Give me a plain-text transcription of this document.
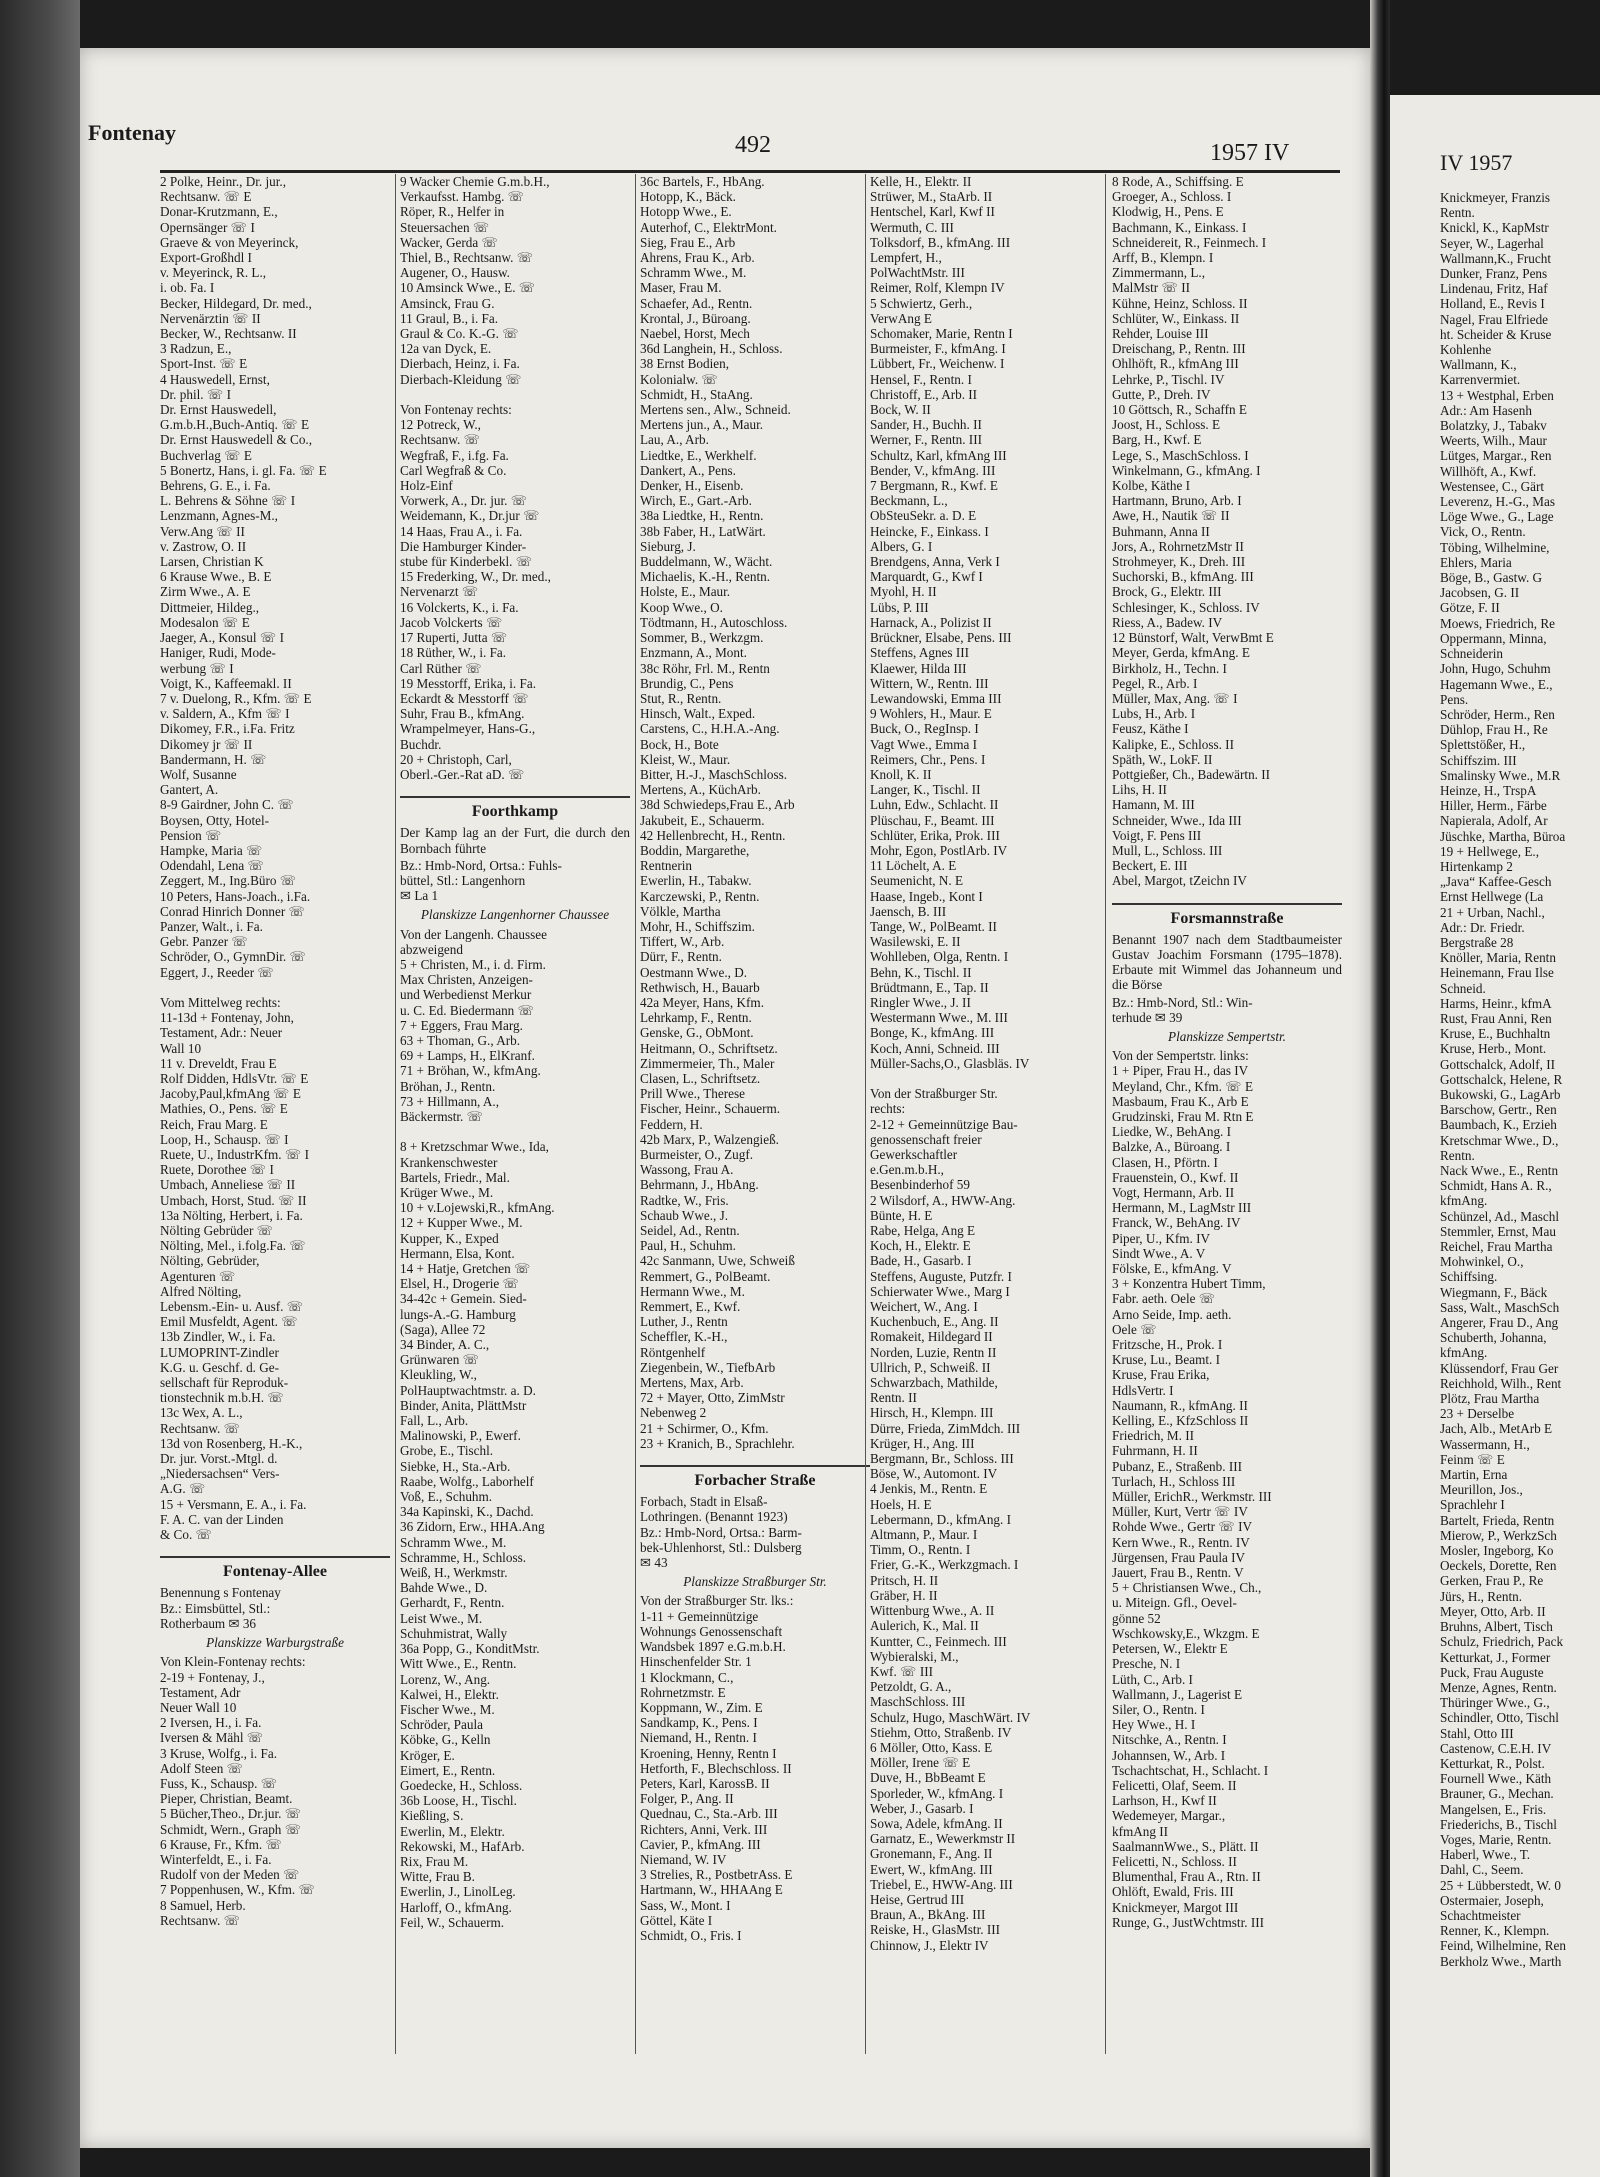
Fontenay	492	1957 IV
2 Polke, Heinr., Dr. jur.,
Rechtsanw. ☏ E
Donar-Krutzmann, E.,
Opernsänger ☏ I
Graeve & von Meyerinck,
Export-Großhdl I
v. Meyerinck, R. L.,
i. ob. Fa. I
Becker, Hildegard, Dr. med.,
Nervenärztin ☏ II
Becker, W., Rechtsanw. II
3 Radzun, E.,
Sport-Inst. ☏ E
4 Hauswedell, Ernst,
Dr. phil. ☏ I
Dr. Ernst Hauswedell,
G.m.b.H.,Buch-Antiq. ☏ E
Dr. Ernst Hauswedell & Co.,
Buchverlag ☏ E
5 Bonertz, Hans, i. gl. Fa. ☏ E
Behrens, G. E., i. Fa.
L. Behrens & Söhne ☏ I
Lenzmann, Agnes-M.,
Verw.Ang ☏ II
v. Zastrow, O. II
Larsen, Christian K
6 Krause Wwe., B. E
Zirm Wwe., A. E
Dittmeier, Hildeg.,
Modesalon ☏ E
Jaeger, A., Konsul ☏ I
Haniger, Rudi, Mode-
werbung ☏ I
Voigt, K., Kaffeemakl. II
7 v. Duelong, R., Kfm. ☏ E
v. Saldern, A., Kfm ☏ I
Dikomey, F.R., i.Fa. Fritz
Dikomey jr ☏ II
Bandermann, H. ☏
Wolf, Susanne
Gantert, A.
8-9 Gairdner, John C. ☏
Boysen, Otty, Hotel-
Pension ☏
Hampke, Maria ☏
Odendahl, Lena ☏
Zeggert, M., Ing.Büro ☏
10 Peters, Hans-Joach., i.Fa.
Conrad Hinrich Donner ☏
Panzer, Walt., i. Fa.
Gebr. Panzer ☏
Schröder, O., GymnDir. ☏
Eggert, J., Reeder ☏

Vom Mittelweg rechts:
11-13d + Fontenay, John,
Testament, Adr.: Neuer
Wall 10
11 v. Dreveldt, Frau E
Rolf Didden, HdlsVtr. ☏ E
Jacoby,Paul,kfmAng ☏ E
Mathies, O., Pens. ☏ E
Reich, Frau Marg. E
Loop, H., Schausp. ☏ I
Ruete, U., IndustrKfm. ☏ I
Ruete, Dorothee ☏ I
Umbach, Anneliese ☏ II
Umbach, Horst, Stud. ☏ II
13a Nölting, Herbert, i. Fa.
Nölting Gebrüder ☏
Nölting, Mel., i.folg.Fa. ☏
Nölting, Gebrüder,
Agenturen ☏
Alfred Nölting,
Lebensm.-Ein- u. Ausf. ☏
Emil Musfeldt, Agent. ☏
13b Zindler, W., i. Fa.
LUMOPRINT-Zindler
K.G. u. Geschf. d. Ge-
sellschaft für Reproduk-
tionstechnik m.b.H. ☏
13c Wex, A. L.,
Rechtsanw. ☏
13d von Rosenberg, H.-K.,
Dr. jur. Vorst.-Mtgl. d.
„Niedersachsen“ Vers-
A.G. ☏
15 + Versmann, E. A., i. Fa.
F. A. C. van der Linden
& Co. ☏
Fontenay-Allee
Benennung s Fontenay
Bz.: Eimsbüttel, Stl.:
Rotherbaum ✉ 36
Planskizze Warburgstraße
Von Klein-Fontenay rechts:
2-19 + Fontenay, J.,
Testament, Adr
Neuer Wall 10
2 Iversen, H., i. Fa.
Iversen & Mähl ☏
3 Kruse, Wolfg., i. Fa.
Adolf Steen ☏
Fuss, K., Schausp. ☏
Pieper, Christian, Beamt.
5 Bücher,Theo., Dr.jur. ☏
Schmidt, Wern., Graph ☏
6 Krause, Fr., Kfm. ☏
Winterfeldt, E., i. Fa.
Rudolf von der Meden ☏
7 Poppenhusen, W., Kfm. ☏
8 Samuel, Herb.
Rechtsanw. ☏
9 Wacker Chemie G.m.b.H.,
Verkaufsst. Hambg. ☏
Röper, R., Helfer in
Steuersachen ☏
Wacker, Gerda ☏
Thiel, B., Rechtsanw. ☏
Augener, O., Hausw.
10 Amsinck Wwe., E. ☏
Amsinck, Frau G.
11 Graul, B., i. Fa.
Graul & Co. K.-G. ☏
12a van Dyck, E.
Dierbach, Heinz, i. Fa.
Dierbach-Kleidung ☏

Von Fontenay rechts:
12 Potreck, W.,
Rechtsanw. ☏
Wegfraß, F., i.fg. Fa.
Carl Wegfraß & Co.
Holz-Einf
Vorwerk, A., Dr. jur. ☏
Weidemann, K., Dr.jur ☏
14 Haas, Frau A., i. Fa.
Die Hamburger Kinder-
stube für Kinderbekl. ☏
15 Frederking, W., Dr. med.,
Nervenarzt ☏
16 Volckerts, K., i. Fa.
Jacob Volckerts ☏
17 Ruperti, Jutta ☏
18 Rüther, W., i. Fa.
Carl Rüther ☏
19 Messtorff, Erika, i. Fa.
Eckardt & Messtorff ☏
Suhr, Frau B., kfmAng.
Wrampelmeyer, Hans-G.,
Buchdr.
20 + Christoph, Carl,
Oberl.-Ger.-Rat aD. ☏
Foorthkamp
Der Kamp lag an der Furt, die durch den Bornbach führte
Bz.: Hmb-Nord, Ortsa.: Fuhls-
büttel, Stl.: Langenhorn
✉ La 1
Planskizze Langenhorner Chaussee
Von der Langenh. Chaussee
abzweigend
5 + Christen, M., i. d. Firm.
Max Christen, Anzeigen-
und Werbedienst Merkur
u. C. Ed. Biedermann ☏
7 + Eggers, Frau Marg.
63 + Thoman, G., Arb.
69 + Lamps, H., ElKranf.
71 + Bröhan, W., kfmAng.
Bröhan, J., Rentn.
73 + Hillmann, A.,
Bäckermstr. ☏

8 + Kretzschmar Wwe., Ida,
Krankenschwester
Bartels, Friedr., Mal.
Krüger Wwe., M.
10 + v.Lojewski,R., kfmAng.
12 + Kupper Wwe., M.
Kupper, K., Exped
Hermann, Elsa, Kont.
14 + Hatje, Gretchen ☏
Elsel, H., Drogerie ☏
34-42c + Gemein. Sied-
lungs-A.-G. Hamburg
(Saga), Allee 72
34 Binder, A. C.,
Grünwaren ☏
Kleukling, W.,
PolHauptwachtmstr. a. D.
Binder, Anita, PlättMstr
Fall, L., Arb.
Malinowski, P., Ewerf.
Grobe, E., Tischl.
Siebke, H., Sta.-Arb.
Raabe, Wolfg., Laborhelf
Voß, E., Schuhm.
34a Kapinski, K., Dachd.
36 Zidorn, Erw., HHA.Ang
Schramm Wwe., M.
Schramme, H., Schloss.
Weiß, H., Werkmstr.
Bahde Wwe., D.
Gerhardt, F., Rentn.
Leist Wwe., M.
Schuhmistrat, Wally
36a Popp, G., KonditMstr.
Witt Wwe., E., Rentn.
Lorenz, W., Ang.
Kalwei, H., Elektr.
Fischer Wwe., M.
Schröder, Paula
Köbke, G., Kelln
Kröger, E.
Eimert, E., Rentn.
Goedecke, H., Schloss.
36b Loose, H., Tischl.
Kießling, S.
Ewerlin, M., Elektr.
Rekowski, M., HafArb.
Rix, Frau M.
Witte, Frau B.
Ewerlin, J., LinolLeg.
Harloff, O., kfmAng.
Feil, W., Schauerm.
36c Bartels, F., HbAng.
Hotopp, K., Bäck.
Hotopp Wwe., E.
Auterhof, C., ElektrMont.
Sieg, Frau E., Arb
Ahrens, Frau K., Arb.
Schramm Wwe., M.
Maser, Frau M.
Schaefer, Ad., Rentn.
Krontal, J., Büroang.
Naebel, Horst, Mech
36d Langhein, H., Schloss.
38 Ernst Bodien,
Kolonialw. ☏
Schmidt, H., StaAng.
Mertens sen., Alw., Schneid.
Mertens jun., A., Maur.
Lau, A., Arb.
Liedtke, E., Werkhelf.
Dankert, A., Pens.
Denker, H., Eisenb.
Wirch, E., Gart.-Arb.
38a Liedtke, H., Rentn.
38b Faber, H., LatWärt.
Sieburg, J.
Buddelmann, W., Wächt.
Michaelis, K.-H., Rentn.
Holste, E., Maur.
Koop Wwe., O.
Tödtmann, H., Autoschloss.
Sommer, B., Werkzgm.
Enzmann, A., Mont.
38c Röhr, Frl. M., Rentn
Brundig, C., Pens
Stut, R., Rentn.
Hinsch, Walt., Exped.
Carstens, C., H.H.A.-Ang.
Bock, H., Bote
Kleist, W., Maur.
Bitter, H.-J., MaschSchloss.
Mertens, A., KüchArb.
38d Schwiedeps,Frau E., Arb
Jakubeit, E., Schauerm.
42 Hellenbrecht, H., Rentn.
Boddin, Margarethe,
Rentnerin
Ewerlin, H., Tabakw.
Karczewski, P., Rentn.
Völkle, Martha
Mohr, H., Schiffszim.
Tiffert, W., Arb.
Dürr, F., Rentn.
Oestmann Wwe., D.
Rethwisch, H., Bauarb
42a Meyer, Hans, Kfm.
Lehrkamp, F., Rentn.
Genske, G., ObMont.
Heitmann, O., Schriftsetz.
Zimmermeier, Th., Maler
Clasen, L., Schriftsetz.
Prill Wwe., Therese
Fischer, Heinr., Schauerm.
Feddern, H.
42b Marx, P., Walzengieß.
Burmeister, O., Zugf.
Wassong, Frau A.
Behrmann, J., HbAng.
Radtke, W., Fris.
Schaub Wwe., J.
Seidel, Ad., Rentn.
Paul, H., Schuhm.
42c Sanmann, Uwe, Schweiß
Remmert, G., PolBeamt.
Hermann Wwe., M.
Remmert, E., Kwf.
Luther, J., Rentn
Scheffler, K.-H.,
Röntgenhelf
Ziegenbein, W., TiefbArb
Mertens, Max, Arb.
72 + Mayer, Otto, ZimMstr
Nebenweg 2
21 + Schirmer, O., Kfm.
23 + Kranich, B., Sprachlehr.
Forbacher Straße
Forbach, Stadt in Elsaß-
Lothringen. (Benannt 1923)
Bz.: Hmb-Nord, Ortsa.: Barm-
bek-Uhlenhorst, Stl.: Dulsberg
✉ 43
Planskizze Straßburger Str.
Von der Straßburger Str. lks.:
1-11 + Gemeinnützige
Wohnungs Genossenschaft
Wandsbek 1897 e.G.m.b.H.
Hinschenfelder Str. 1
1 Klockmann, C.,
Rohrnetzmstr. E
Koppmann, W., Zim. E
Sandkamp, K., Pens. I
Niemand, H., Rentn. I
Kroening, Henny, Rentn I
Hetforth, F., Blechschloss. II
Peters, Karl, KarossB. II
Folger, P., Ang. II
Quednau, C., Sta.-Arb. III
Richters, Anni, Verk. III
Cavier, P., kfmAng. III
Niemand, W. IV
3 Strelies, R., PostbetrAss. E
Hartmann, W., HHAAng E
Sass, W., Mont. I
Göttel, Käte I
Schmidt, O., Fris. I
Kelle, H., Elektr. II
Strüwer, M., StaArb. II
Hentschel, Karl, Kwf II
Wermuth, C. III
Tolksdorf, B., kfmAng. III
Lempfert, H.,
PolWachtMstr. III
Reimer, Rolf, Klempn IV
5 Schwiertz, Gerh.,
VerwAng E
Schomaker, Marie, Rentn I
Burmeister, F., kfmAng. I
Lübbert, Fr., Weichenw. I
Hensel, F., Rentn. I
Christoff, E., Arb. II
Bock, W. II
Sander, H., Buchh. II
Werner, F., Rentn. III
Schultz, Karl, kfmAng III
Bender, V., kfmAng. III
7 Bergmann, R., Kwf. E
Beckmann, L.,
ObSteuSekr. a. D. E
Heincke, F., Einkass. I
Albers, G. I
Brendgens, Anna, Verk I
Marquardt, G., Kwf I
Myohl, H. II
Lübs, P. III
Harnack, A., Polizist II
Brückner, Elsabe, Pens. III
Steffens, Agnes III
Klaewer, Hilda III
Wittern, W., Rentn. III
Lewandowski, Emma III
9 Wohlers, H., Maur. E
Buck, O., RegInsp. I
Vagt Wwe., Emma I
Reimers, Chr., Pens. I
Knoll, K. II
Langer, K., Tischl. II
Luhn, Edw., Schlacht. II
Plüschau, F., Beamt. III
Schlüter, Erika, Prok. III
Mohr, Egon, PostlArb. IV
11 Löchelt, A. E
Seumenicht, N. E
Haase, Ingeb., Kont I
Jaensch, B. III
Tange, W., PolBeamt. II
Wasilewski, E. II
Wohlleben, Olga, Rentn. I
Behn, K., Tischl. II
Brüdtmann, E., Tap. II
Ringler Wwe., J. II
Westermann Wwe., M. III
Bonge, K., kfmAng. III
Koch, Anni, Schneid. III
Müller-Sachs,O., Glasbläs. IV

Von der Straßburger Str.
rechts:
2-12 + Gemeinnützige Bau-
genossenschaft freier
Gewerkschaftler
e.Gen.m.b.H.,
Besenbinderhof 59
2 Wilsdorf, A., HWW-Ang.
Bünte, H. E
Rabe, Helga, Ang E
Koch, H., Elektr. E
Bade, H., Gasarb. I
Steffens, Auguste, Putzfr. I
Schierwater Wwe., Marg I
Weichert, W., Ang. I
Kuchenbuch, E., Ang. II
Romakeit, Hildegard II
Norden, Luzie, Rentn II
Ullrich, P., Schweiß. II
Schwarzbach, Mathilde,
Rentn. II
Hirsch, H., Klempn. III
Dürre, Frieda, ZimMdch. III
Krüger, H., Ang. III
Bergmann, Br., Schloss. III
Böse, W., Automont. IV
4 Jenkis, M., Rentn. E
Hoels, H. E
Lebermann, D., kfmAng. I
Altmann, P., Maur. I
Timm, O., Rentn. I
Frier, G.-K., Werkzgmach. I
Pritsch, H. II
Gräber, H. II
Wittenburg Wwe., A. II
Aulerich, K., Mal. II
Kuntter, C., Feinmech. III
Wybieralski, M.,
Kwf. ☏ III
Petzoldt, G. A.,
MaschSchloss. III
Schulz, Hugo, MaschWärt. IV
Stiehm, Otto, Straßenb. IV
6 Möller, Otto, Kass. E
Möller, Irene ☏ E
Duve, H., BbBeamt E
Sporleder, W., kfmAng. I
Weber, J., Gasarb. I
Sowa, Adele, kfmAng. II
Garnatz, E., Wewerkmstr II
Gronemann, F., Ang. II
Ewert, W., kfmAng. III
Triebel, E., HWW-Ang. III
Heise, Gertrud III
Braun, A., BkAng. III
Reiske, H., GlasMstr. III
Chinnow, J., Elektr IV
8 Rode, A., Schiffsing. E
Groeger, A., Schloss. I
Klodwig, H., Pens. E
Bachmann, K., Einkass. I
Schneidereit, R., Feinmech. I
Arff, B., Klempn. I
Zimmermann, L.,
MalMstr ☏ II
Kühne, Heinz, Schloss. II
Schlüter, W., Einkass. II
Rehder, Louise III
Dreischang, P., Rentn. III
Ohlhöft, R., kfmAng III
Lehrke, P., Tischl. IV
Gutte, P., Dreh. IV
10 Göttsch, R., Schaffn E
Joost, H., Schloss. E
Barg, H., Kwf. E
Lege, S., MaschSchloss. I
Winkelmann, G., kfmAng. I
Kolbe, Käthe I
Hartmann, Bruno, Arb. I
Awe, H., Nautik ☏ II
Buhmann, Anna II
Jors, A., RohrnetzMstr II
Strohmeyer, K., Dreh. III
Suchorski, B., kfmAng. III
Brock, G., Elektr. III
Schlesinger, K., Schloss. IV
Riess, A., Badew. IV
12 Bünstorf, Walt, VerwBmt E
Meyer, Gerda, kfmAng. E
Birkholz, H., Techn. I
Pegel, R., Arb. I
Müller, Max, Ang. ☏ I
Lubs, H., Arb. I
Feusz, Käthe I
Kalipke, E., Schloss. II
Späth, W., LokF. II
Pottgießer, Ch., Badewärtn. II
Lihs, H. II
Hamann, M. III
Schneider, Wwe., Ida III
Voigt, F. Pens III
Mull, L., Schloss. III
Beckert, E. III
Abel, Margot, tZeichn IV
Forsmannstraße
Benannt 1907 nach dem Stadtbaumeister Gustav Joachim Forsmann (1795–1878). Erbaute mit Wimmel das Johanneum und die Börse
Bz.: Hmb-Nord, Stl.: Win-
terhude ✉ 39
Planskizze Sempertstr.
Von der Sempertstr. links:
1 + Piper, Frau H., das IV
Meyland, Chr., Kfm. ☏ E
Masbaum, Frau K., Arb E
Grudzinski, Frau M. Rtn E
Liedke, W., BehAng. I
Balzke, A., Büroang. I
Clasen, H., Pförtn. I
Frauenstein, O., Kwf. II
Vogt, Hermann, Arb. II
Hermann, M., LagMstr III
Franck, W., BehAng. IV
Piper, U., Kfm. IV
Sindt Wwe., A. V
Fölske, E., kfmAng. V
3 + Konzentra Hubert Timm,
Fabr. aeth. Oele ☏
Arno Seide, Imp. aeth.
Oele ☏
Fritzsche, H., Prok. I
Kruse, Lu., Beamt. I
Kruse, Frau Erika,
HdlsVertr. I
Naumann, R., kfmAng. II
Kelling, E., KfzSchloss II
Friedrich, M. II
Fuhrmann, H. II
Pubanz, E., Straßenb. III
Turlach, H., Schloss III
Müller, ErichR., Werkmstr. III
Müller, Kurt, Vertr ☏ IV
Rohde Wwe., Gertr ☏ IV
Kern Wwe., R., Rentn. IV
Jürgensen, Frau Paula IV
Jauert, Frau B., Rentn. V
5 + Christiansen Wwe., Ch.,
u. Miteign. Gfl., Oevel-
gönne 52
Wschkowsky,E., Wkzgm. E
Petersen, W., Elektr E
Presche, N. I
Lüth, C., Arb. I
Wallmann, J., Lagerist E
Siler, O., Rentn. I
Hey Wwe., H. I
Nitschke, A., Rentn. I
Johannsen, W., Arb. I
Tschachtschat, H., Schlacht. I
Felicetti, Olaf, Seem. II
Larhson, H., Kwf II
Wedemeyer, Margar.,
kfmAng II
SaalmannWwe., S., Plätt. II
Felicetti, N., Schloss. II
Blumenthal, Frau A., Rtn. II
Ohlöft, Ewald, Fris. III
Knickmeyer, Margot III
Runge, G., JustWchtmstr. III
IV 1957
Knickmeyer, Franzis
Rentn.
Knickl, K., KapMstr
Seyer, W., Lagerhal
Wallmann,K., Frucht
Dunker, Franz, Pens
Lindenau, Fritz, Haf
Holland, E., Revis I
Nagel, Frau Elfriede
ht. Scheider & Kruse
Kohlenhe
Wallmann, K.,
Karrenvermiet.
13 + Westphal, Erben
Adr.: Am Hasenh
Bolatzky, J., Tabakv
Weerts, Wilh., Maur
Lütges, Margar., Ren
Willhöft, A., Kwf.
Westensee, C., Gärt
Leverenz, H.-G., Mas
Löge Wwe., G., Lage
Vick, O., Rentn.
Töbing, Wilhelmine,
Ehlers, Maria
Böge, B., Gastw. G
Jacobsen, G. II
Götze, F. II
Moews, Friedrich, Re
Oppermann, Minna,
Schneiderin
John, Hugo, Schuhm
Hagemann Wwe., E.,
Pens.
Schröder, Herm., Ren
Dühlop, Frau H., Re
Splettstößer, H.,
Schiffszim. III
Smalinsky Wwe., M.R
Heinze, H., TrspA
Hiller, Herm., Färbe
Napierala, Adolf, Ar
Jüschke, Martha, Büroa
19 + Hellwege, E.,
Hirtenkamp 2
„Java“ Kaffee-Gesch
Ernst Hellwege (La
21 + Urban, Nachl.,
Adr.: Dr. Friedr.
Bergstraße 28
Knöller, Maria, Rentn
Heinemann, Frau Ilse
Schneid.
Harms, Heinr., kfmA
Rust, Frau Anni, Ren
Kruse, E., Buchhaltn
Kruse, Herb., Mont.
Gottschalck, Adolf, II
Gottschalck, Helene, R
Bukowski, G., LagArb
Barschow, Gertr., Ren
Baumbach, K., Erzieh
Kretschmar Wwe., D.,
Rentn.
Nack Wwe., E., Rentn
Schmidt, Hans A. R.,
kfmAng.
Schünzel, Ad., Maschl
Stemmler, Ernst, Mau
Reichel, Frau Martha
Mohwinkel, O.,
Schiffsing.
Wiegmann, F., Bäck
Sass, Walt., MaschSch
Angerer, Frau D., Ang
Schuberth, Johanna,
kfmAng.
Klüssendorf, Frau Ger
Reichhold, Wilh., Rent
Plötz, Frau Martha
23 + Derselbe
Jach, Alb., MetArb E
Wassermann, H.,
Feinm ☏ E
Martin, Erna
Meurillon, Jos.,
Sprachlehr I
Bartelt, Frieda, Rentn
Mierow, P., WerkzSch
Mosler, Ingeborg, Ko
Oeckels, Dorette, Ren
Gerken, Frau P., Re
Jürs, H., Rentn.
Meyer, Otto, Arb. II
Bruhns, Albert, Tisch
Schulz, Friedrich, Pack
Ketturkat, J., Former
Puck, Frau Auguste
Menze, Agnes, Rentn.
Thüringer Wwe., G.,
Schindler, Otto, Tischl
Stahl, Otto III
Castenow, C.E.H. IV
Ketturkat, R., Polst.
Fournell Wwe., Käth
Brauner, G., Mechan.
Mangelsen, E., Fris.
Friederichs, B., Tischl
Voges, Marie, Rentn.
Haberl, Wwe., T.
Dahl, C., Seem.
25 + Lübberstedt, W. 0
Ostermaier, Joseph,
Schachtmeister
Renner, K., Klempn.
Feind, Wilhelmine, Ren
Berkholz Wwe., Marth
